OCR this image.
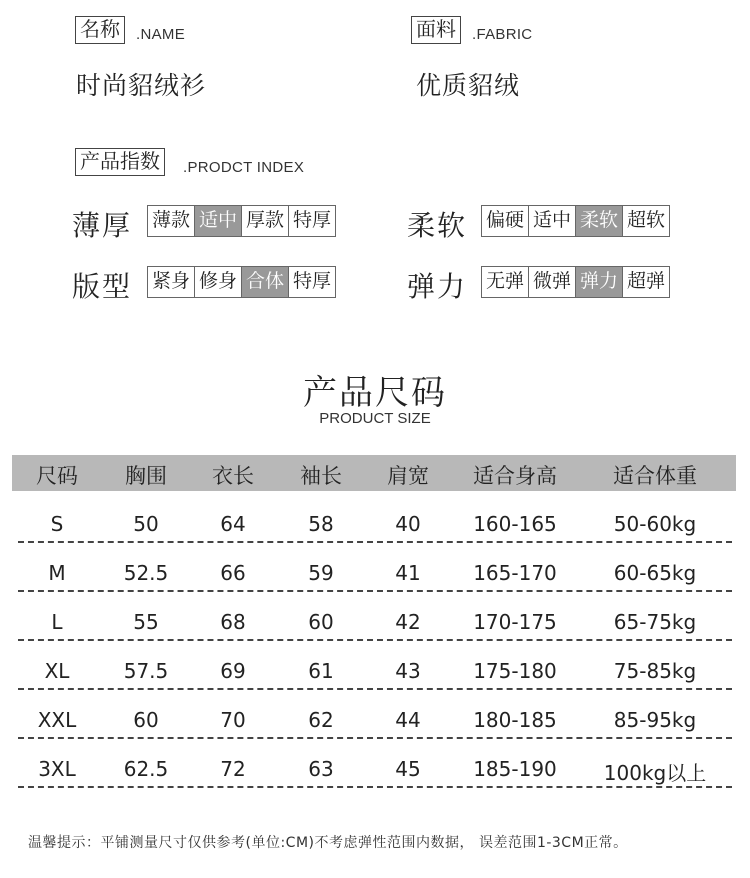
名称	.NAME
时尚貂绒衫
面料	.FABRIC
优质貂绒
产品指数	.PRODCT INDEX
薄厚 薄款 适中 厚款 特厚	柔软 偏硬 适中 柔软 超软
版型 紧身 修身 合体 特厚	弹力 无弹 微弹 弹力 超弹
产品尺码
PRODUCT SIZE
尺码	胸围	衣长	袖长	肩宽	适合身高	适合体重
S	50	64	58	40	160-165	50-60kg
M	52.5	66	59	41	165-170	60-65kg
L	55	68	60	42	170-175	65-75kg
XL	57.5	69	61	43	175-180	75-85kg
XXL	60	70	62	44	180-185	85-95kg
3XL	62.5	72	63	45	185-190	100kg以上
温馨提示：平铺测量尺寸仅供参考(单位:CM)不考虑弹性范围内数据， 误差范围1-3CM正常。
